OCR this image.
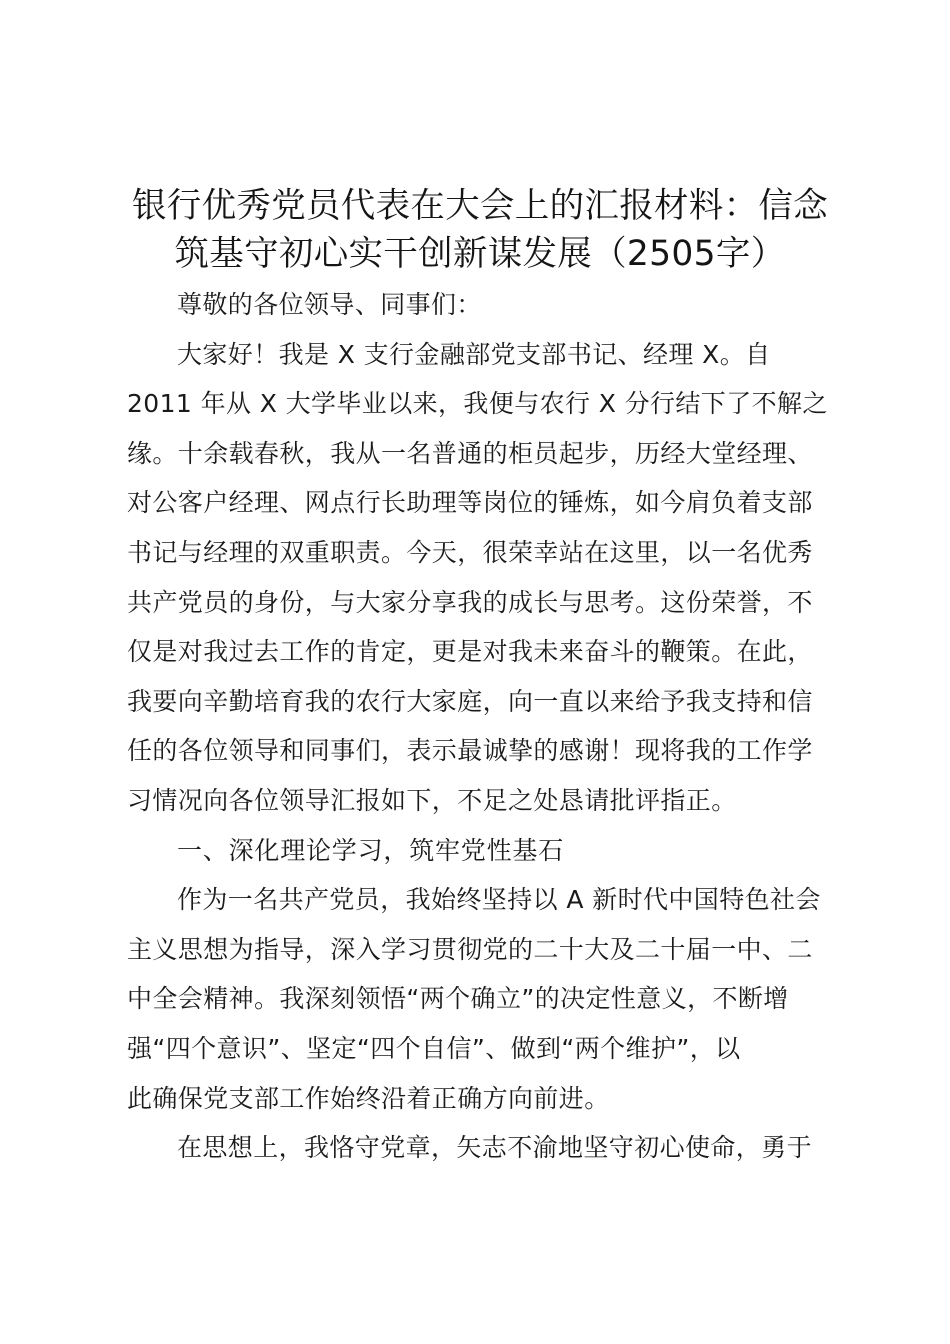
银行优秀党员代表在大会上的汇报材料：信念
筑基守初心实干创新谋发展（2505字）

尊敬的各位领导、同事们：

大家好！我是 X 支行金融部党支部书记、经理 X。自
2011 年从 X 大学毕业以来，我便与农行 X 分行结下了不解之
缘。十余载春秋，我从一名普通的柜员起步，历经大堂经理、
对公客户经理、网点行长助理等岗位的锤炼，如今肩负着支部
书记与经理的双重职责。今天，很荣幸站在这里，以一名优秀
共产党员的身份，与大家分享我的成长与思考。这份荣誉，不
仅是对我过去工作的肯定，更是对我未来奋斗的鞭策。在此，
我要向辛勤培育我的农行大家庭，向一直以来给予我支持和信
任的各位领导和同事们，表示最诚挚的感谢！现将我的工作学
习情况向各位领导汇报如下，不足之处恳请批评指正。

一、深化理论学习，筑牢党性基石

作为一名共产党员，我始终坚持以 A 新时代中国特色社会
主义思想为指导，深入学习贯彻党的二十大及二十届一中、二
中全会精神。我深刻领悟“两个确立”的决定性意义，不断增
强“四个意识”、坚定“四个自信”、做到“两个维护”，以
此确保党支部工作始终沿着正确方向前进。

在思想上，我恪守党章，矢志不渝地坚守初心使命，勇于
